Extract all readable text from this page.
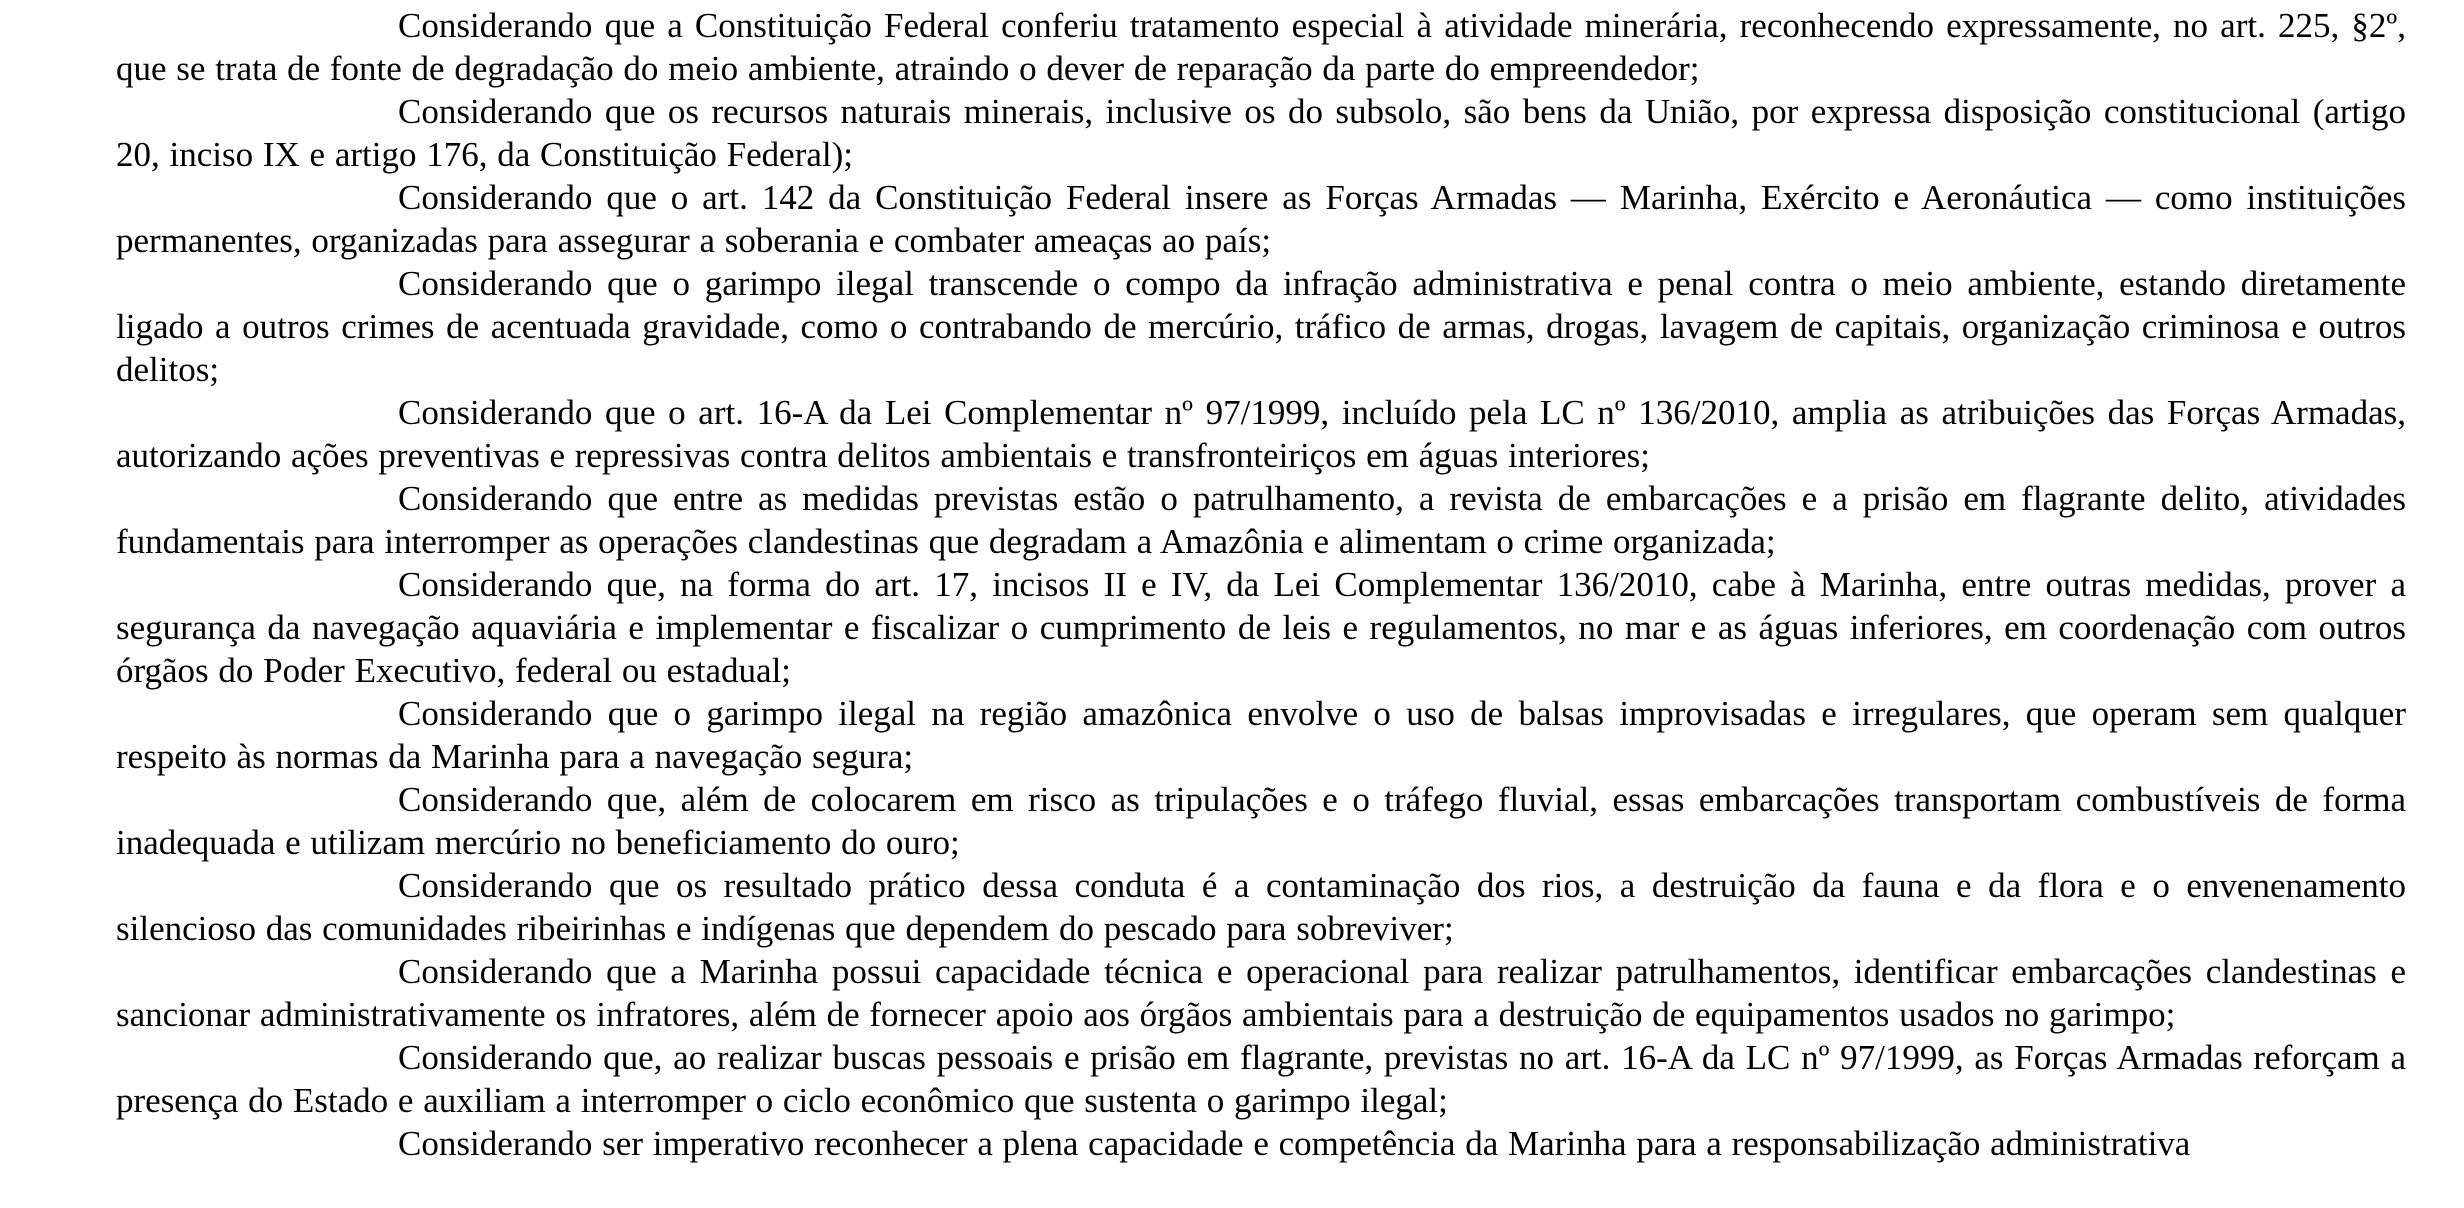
Considerando que a Constituição Federal conferiu tratamento especial à atividade minerária, reconhecendo expressamente, no art. 225, §2º, que se trata de fonte de degradação do meio ambiente, atraindo o dever de reparação da parte do empreendedor;

Considerando que os recursos naturais minerais, inclusive os do subsolo, são bens da União, por expressa disposição constitucional (artigo 20, inciso IX e artigo 176, da Constituição Federal);

Considerando que o art. 142 da Constituição Federal insere as Forças Armadas — Marinha, Exército e Aeronáutica — como instituições permanentes, organizadas para assegurar a soberania e combater ameaças ao país;

Considerando que o garimpo ilegal transcende o compo da infração administrativa e penal contra o meio ambiente, estando diretamente ligado a outros crimes de acentuada gravidade, como o contrabando de mercúrio, tráfico de armas, drogas, lavagem de capitais, organização criminosa e outros delitos;

Considerando que o art. 16-A da Lei Complementar nº 97/1999, incluído pela LC nº 136/2010, amplia as atribuições das Forças Armadas, autorizando ações preventivas e repressivas contra delitos ambientais e transfronteiriços em águas interiores;

Considerando que entre as medidas previstas estão o patrulhamento, a revista de embarcações e a prisão em flagrante delito, atividades fundamentais para interromper as operações clandestinas que degradam a Amazônia e alimentam o crime organizada;

Considerando que, na forma do art. 17, incisos II e IV, da Lei Complementar 136/2010, cabe à Marinha, entre outras medidas, prover a segurança da navegação aquaviária e implementar e fiscalizar o cumprimento de leis e regulamentos, no mar e as águas inferiores, em coordenação com outros órgãos do Poder Executivo, federal ou estadual;

Considerando que o garimpo ilegal na região amazônica envolve o uso de balsas improvisadas e irregulares, que operam sem qualquer respeito às normas da Marinha para a navegação segura;

Considerando que, além de colocarem em risco as tripulações e o tráfego fluvial, essas embarcações transportam combustíveis de forma inadequada e utilizam mercúrio no beneficiamento do ouro;

Considerando que os resultado prático dessa conduta é a contaminação dos rios, a destruição da fauna e da flora e o envenenamento silencioso das comunidades ribeirinhas e indígenas que dependem do pescado para sobreviver;

Considerando que a Marinha possui capacidade técnica e operacional para realizar patrulhamentos, identificar embarcações clandestinas e sancionar administrativamente os infratores, além de fornecer apoio aos órgãos ambientais para a destruição de equipamentos usados no garimpo;

Considerando que, ao realizar buscas pessoais e prisão em flagrante, previstas no art. 16-A da LC nº 97/1999, as Forças Armadas reforçam a presença do Estado e auxiliam a interromper o ciclo econômico que sustenta o garimpo ilegal;

Considerando ser imperativo reconhecer a plena capacidade e competência da Marinha para a responsabilização administrativa
